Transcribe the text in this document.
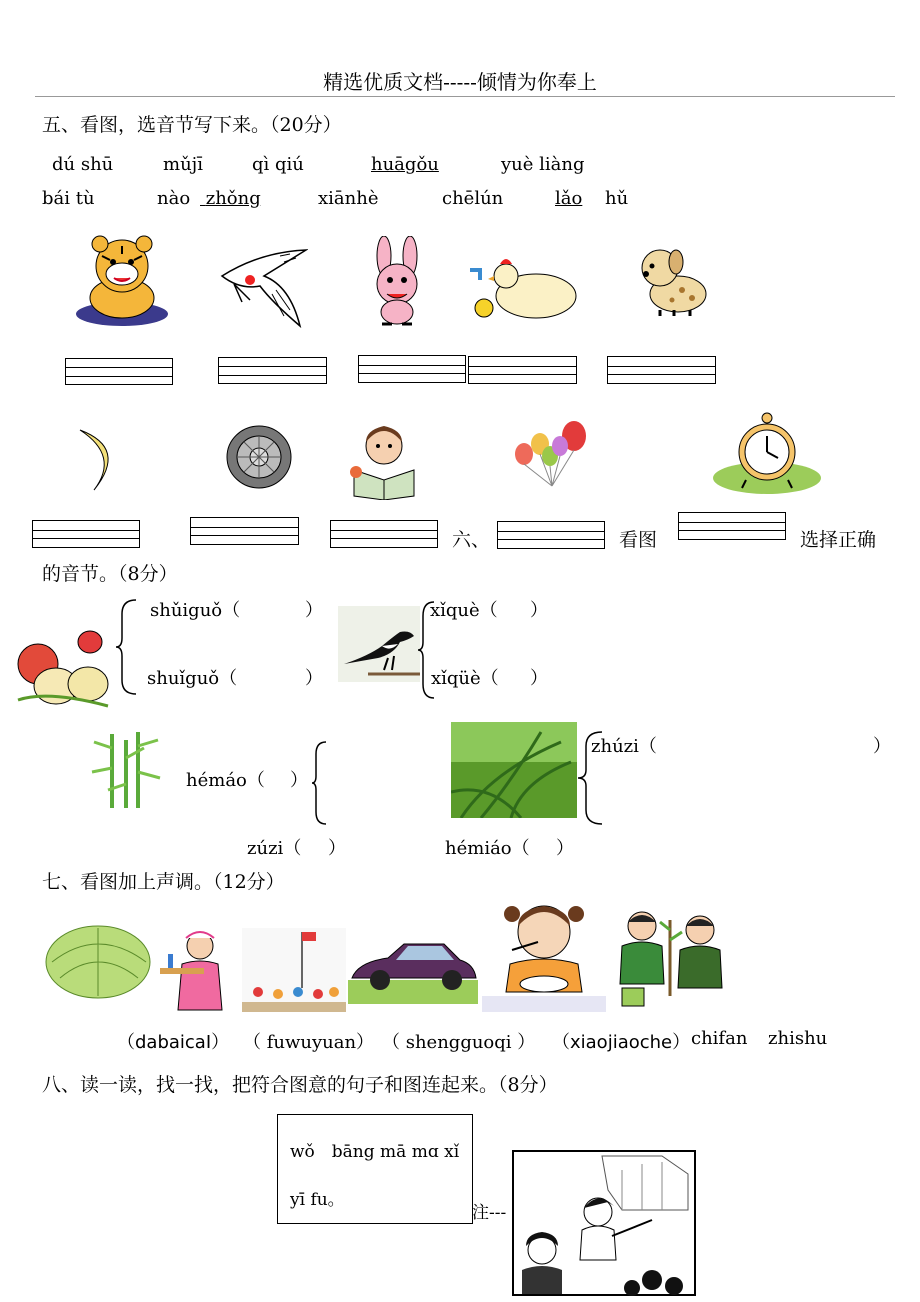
精选优质文档-----倾情为你奉上
五、看图，选音节写下来。（20分）
dú shū	mǔjī	qì qiú	huāgǒu	yuè liàng
bái tù	nào zhǒng	xiānhè	chēlún	lǎo hǔ
六、	看图	选择正确
的音节。（8分）
shǔiguǒ（	）
shuǐguǒ（	）
xǐquè（ ）
xǐqüè（ ）
hémáo（ ）
zhúzi（	）
zúzi（ ）	hémiáo（ ）
七、看图加上声调。（12分）
（dabaicaI） （ fuwuyuan） （ shengguoqi ） （xiaojiaoche） chifan zhishu
八、读一读，找一找，把符合图意的句子和图连起来。（8分）
wǒ　bāng mā mɑ xǐ
yī fu。
注---
